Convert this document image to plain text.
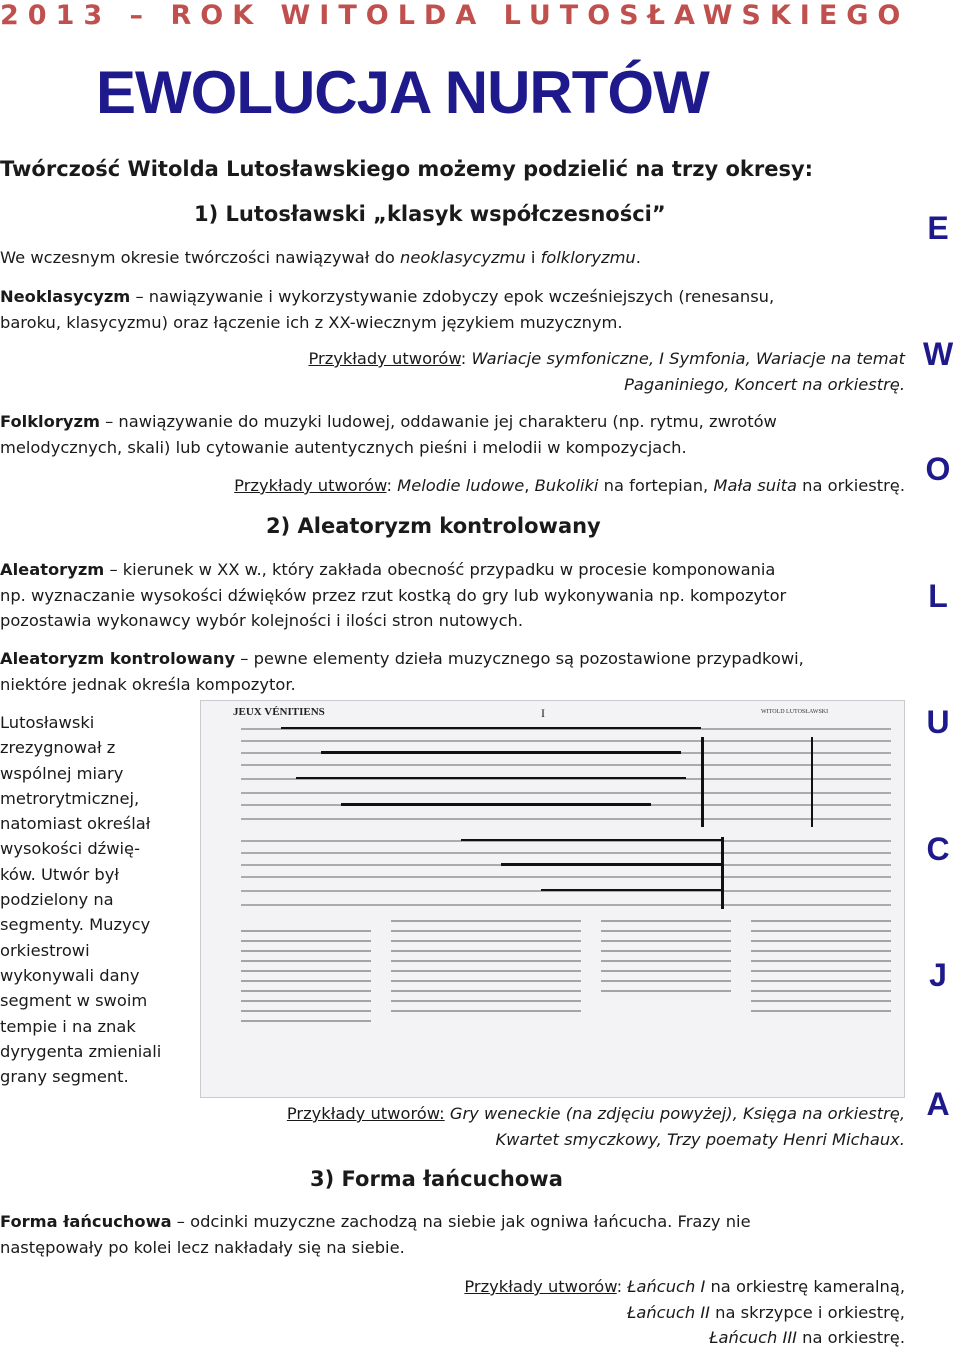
2013 – ROK WITOLDA LUTOSŁAWSKIEGO
EWOLUCJA NURTÓW
Twórczość Witolda Lutosławskiego możemy podzielić na trzy okresy:
1) Lutosławski „klasyk współczesności”
We wczesnym okresie twórczości nawiązywał do neoklasycyzmu i folkloryzmu.
Neoklasycyzm – nawiązywanie i wykorzystywanie zdobyczy epok wcześniejszych (renesansu,
baroku, klasycyzmu) oraz łączenie ich z XX-wiecznym językiem muzycznym.
Przykłady utworów: Wariacje symfoniczne, I Symfonia, Wariacje na temat
Paganiniego, Koncert na orkiestrę.
Folkloryzm – nawiązywanie do muzyki ludowej, oddawanie jej charakteru (np. rytmu, zwrotów
melodycznych, skali) lub cytowanie autentycznych pieśni i melodii w kompozycjach.
Przykłady utworów: Melodie ludowe, Bukoliki na fortepian, Mała suita na orkiestrę.
2) Aleatoryzm kontrolowany
Aleatoryzm – kierunek w XX w., który zakłada obecność przypadku w procesie komponowania
np. wyznaczanie wysokości dźwięków przez rzut kostką do gry lub wykonywania np. kompozytor
pozostawia wykonawcy wybór kolejności i ilości stron nutowych.
Aleatoryzm kontrolowany – pewne elementy dzieła muzycznego są pozostawione przypadkowi,
niektóre jednak określa kompozytor.
Lutosławski
zrezygnował z
wspólnej miary
metrorytmicznej,
natomiast określał
wysokości dźwię-
ków. Utwór był
podzielony na
segmenty. Muzycy
orkiestrowi
wykonywali dany
segment w swoim
tempie i na znak
dyrygenta zmieniali
grany segment.
JEUX VÉNITIENS	I	WITOLD LUTOSŁAWSKI
Przykłady utworów: Gry weneckie (na zdjęciu powyżej), Księga na orkiestrę,
Kwartet smyczkowy, Trzy poematy Henri Michaux.
3) Forma łańcuchowa
Forma łańcuchowa – odcinki muzyczne zachodzą na siebie jak ogniwa łańcucha. Frazy nie
następowały po kolei lecz nakładały się na siebie.
Przykłady utworów: Łańcuch I na orkiestrę kameralną,
Łańcuch II na skrzypce i orkiestrę,
Łańcuch III na orkiestrę.
E
W
O
L
U
C
J
A
